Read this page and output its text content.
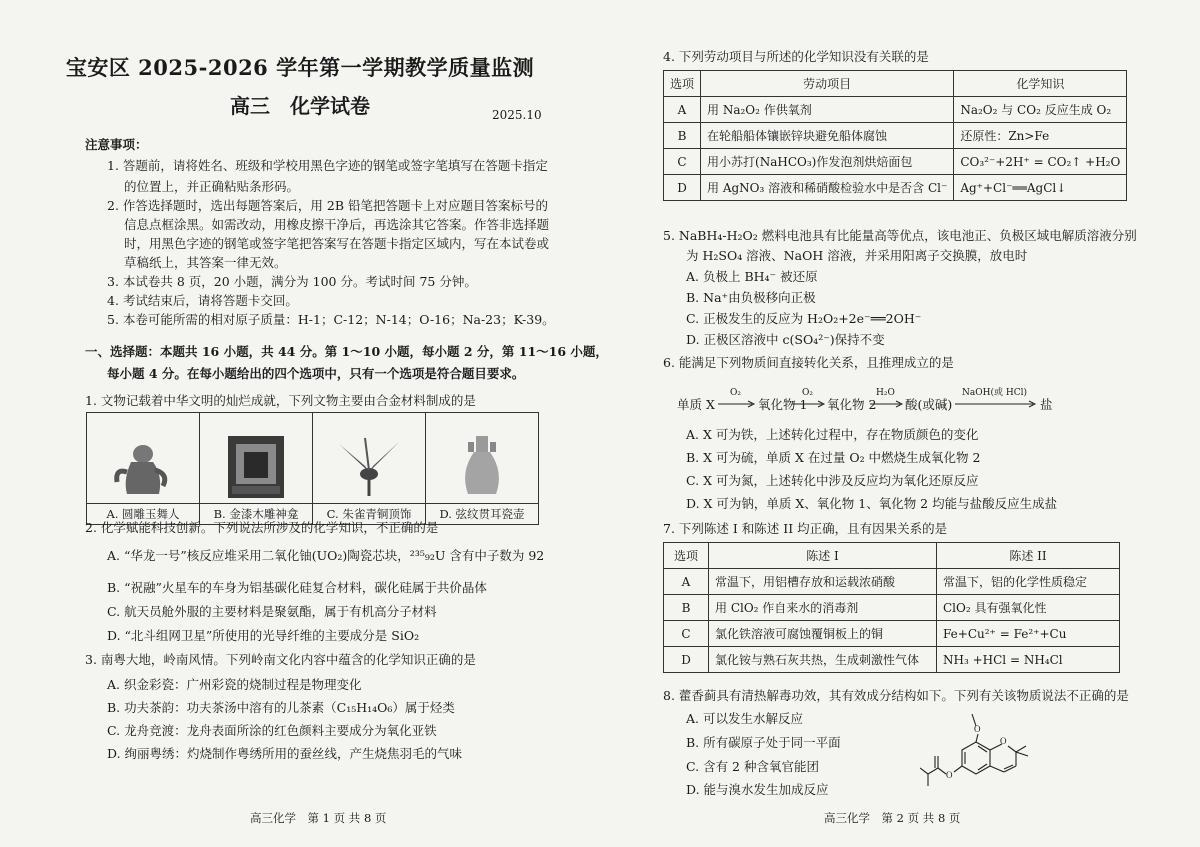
宝安区 2025-2026 学年第一学期教学质量监测
高三　化学试卷	2025.10
注意事项：
1. 答题前，请将姓名、班级和学校用黑色字迹的钢笔或签字笔填写在答题卡指定
的位置上，并正确粘贴条形码。
2. 作答选择题时，选出每题答案后，用 2B 铅笔把答题卡上对应题目答案标号的
信息点框涂黑。如需改动，用橡皮擦干净后，再选涂其它答案。作答非选择题
时，用黑色字迹的钢笔或签字笔把答案写在答题卡指定区域内，写在本试卷或
草稿纸上，其答案一律无效。
3. 本试卷共 8 页，20 小题，满分为 100 分。考试时间 75 分钟。
4. 考试结束后，请将答题卡交回。
5. 本卷可能所需的相对原子质量：H-1；C-12；N-14；O-16；Na-23；K-39。
一、选择题：本题共 16 小题，共 44 分。第 1～10 小题，每小题 2 分，第 11～16 小题，
每小题 4 分。在每小题给出的四个选项中，只有一个选项是符合题目要求。
1. 文物记载着中华文明的灿烂成就，下列文物主要由合金材料制成的是

A. 圆雕玉舞人	B. 金漆木雕神龛	C. 朱雀青铜顶饰	D. 弦纹贯耳瓷壶
2. 化学赋能科技创新。下列说法所涉及的化学知识，不正确的是
A. “华龙一号”核反应堆采用二氧化铀(UO₂)陶瓷芯块，²³⁵₉₂U 含有中子数为 92
B. “祝融”火星车的车身为铝基碳化硅复合材料，碳化硅属于共价晶体
C. 航天员舱外服的主要材料是聚氨酯，属于有机高分子材料
D. “北斗组网卫星”所使用的光导纤维的主要成分是 SiO₂
3. 南粤大地，岭南风情。下列岭南文化内容中蕴含的化学知识正确的是
A. 织金彩瓷：广州彩瓷的烧制过程是物理变化
B. 功夫茶韵：功夫茶汤中溶有的儿茶素（C₁₅H₁₄O₆）属于烃类
C. 龙舟竞渡：龙舟表面所涂的红色颜料主要成分为氧化亚铁
D. 绚丽粤绣：灼烧制作粤绣所用的蚕丝线，产生烧焦羽毛的气味
高三化学　第 1 页 共 8 页
4. 下列劳动项目与所述的化学知识没有关联的是
选项	劳动项目	化学知识
A	用 Na₂O₂ 作供氧剂	Na₂O₂ 与 CO₂ 反应生成 O₂
B	在轮船船体镶嵌锌块避免船体腐蚀	还原性：Zn>Fe
C	用小苏打(NaHCO₃)作发泡剂烘焙面包	CO₃²⁻+2H⁺ = CO₂↑ +H₂O
D	用 AgNO₃ 溶液和稀硝酸检验水中是否含 Cl⁻	Ag⁺+Cl⁻══AgCl↓
5. NaBH₄-H₂O₂ 燃料电池具有比能量高等优点，该电池正、负极区域电解质溶液分别
为 H₂SO₄ 溶液、NaOH 溶液，并采用阳离子交换膜，放电时
A. 负极上 BH₄⁻ 被还原
B. Na⁺由负极移向正极
C. 正极发生的反应为 H₂O₂+2e⁻══2OH⁻
D. 正极区溶液中 c(SO₄²⁻)保持不变
6. 能满足下列物质间直接转化关系，且推理成立的是
单质 X
O₂
氧化物 1
O₂
氧化物 2
H₂O
酸(或碱)
NaOH(或 HCl)
盐
A. X 可为铁，上述转化过程中，存在物质颜色的变化
B. X 可为硫，单质 X 在过量 O₂ 中燃烧生成氧化物 2
C. X 可为氮，上述转化中涉及反应均为氧化还原反应
D. X 可为钠，单质 X、氧化物 1、氧化物 2 均能与盐酸反应生成盐
7. 下列陈述 I 和陈述 II 均正确，且有因果关系的是
选项	陈述 I	陈述 II
A	常温下，用铝槽存放和运载浓硝酸	常温下，铝的化学性质稳定
B	用 ClO₂ 作自来水的消毒剂	ClO₂ 具有强氧化性
C	氯化铁溶液可腐蚀覆铜板上的铜	Fe+Cu²⁺ = Fe²⁺+Cu
D	氯化铵与熟石灰共热，生成刺激性气体	NH₃ +HCl = NH₄Cl
8. 藿香蓟具有清热解毒功效，其有效成分结构如下。下列有关该物质说法不正确的是
A. 可以发生水解反应
B. 所有碳原子处于同一平面
C. 含有 2 种含氧官能团
D. 能与溴水发生加成反应
O
O
O
高三化学　第 2 页 共 8 页
